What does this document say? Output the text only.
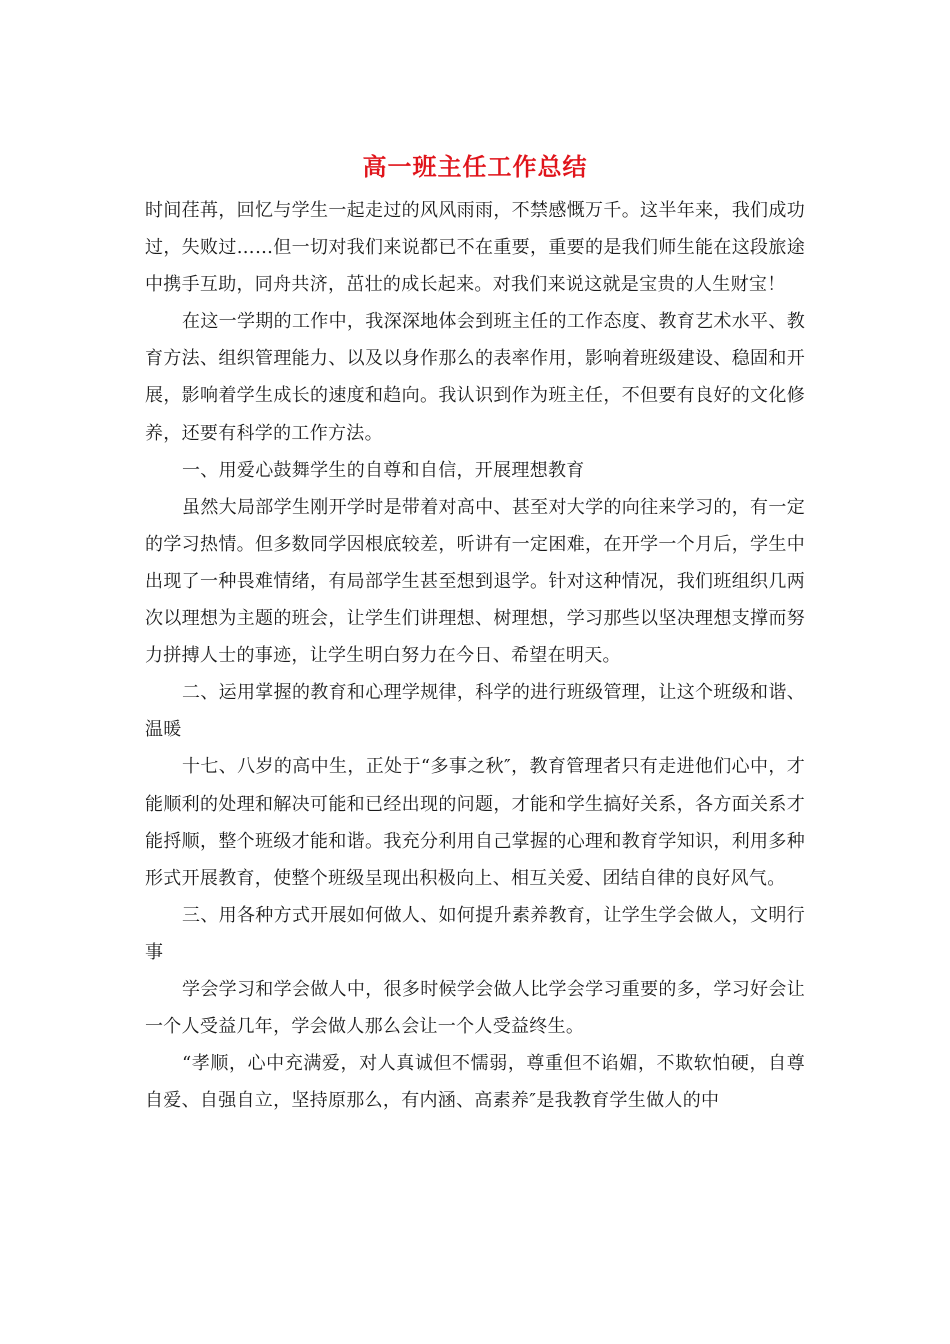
高一班主任工作总结

时间荏苒，回忆与学生一起走过的风风雨雨，不禁感慨万千。这半年来，我们成功过，失败过……但一切对我们来说都已不在重要，重要的是我们师生能在这段旅途中携手互助，同舟共济，茁壮的成长起来。对我们来说这就是宝贵的人生财宝！

在这一学期的工作中，我深深地体会到班主任的工作态度、教育艺术水平、教育方法、组织管理能力、以及以身作那么的表率作用，影响着班级建设、稳固和开展，影响着学生成长的速度和趋向。我认识到作为班主任，不但要有良好的文化修养，还要有科学的工作方法。

一、用爱心鼓舞学生的自尊和自信，开展理想教育

虽然大局部学生刚开学时是带着对高中、甚至对大学的向往来学习的，有一定的学习热情。但多数同学因根底较差，听讲有一定困难，在开学一个月后，学生中出现了一种畏难情绪，有局部学生甚至想到退学。针对这种情况，我们班组织几两次以理想为主题的班会，让学生们讲理想、树理想，学习那些以坚决理想支撑而努力拼搏人士的事迹，让学生明白努力在今日、希望在明天。

二、运用掌握的教育和心理学规律，科学的进行班级管理，让这个班级和谐、温暖

十七、八岁的高中生，正处于“多事之秋″，教育管理者只有走进他们心中，才能顺利的处理和解决可能和已经出现的问题，才能和学生搞好关系，各方面关系才能捋顺，整个班级才能和谐。我充分利用自己掌握的心理和教育学知识，利用多种形式开展教育，使整个班级呈现出积极向上、相互关爱、团结自律的良好风气。

三、用各种方式开展如何做人、如何提升素养教育，让学生学会做人，文明行事

学会学习和学会做人中，很多时候学会做人比学会学习重要的多，学习好会让一个人受益几年，学会做人那么会让一个人受益终生。

“孝顺，心中充满爱，对人真诚但不懦弱，尊重但不谄媚，不欺软怕硬，自尊自爱、自强自立，坚持原那么，有内涵、高素养″是我教育学生做人的中
